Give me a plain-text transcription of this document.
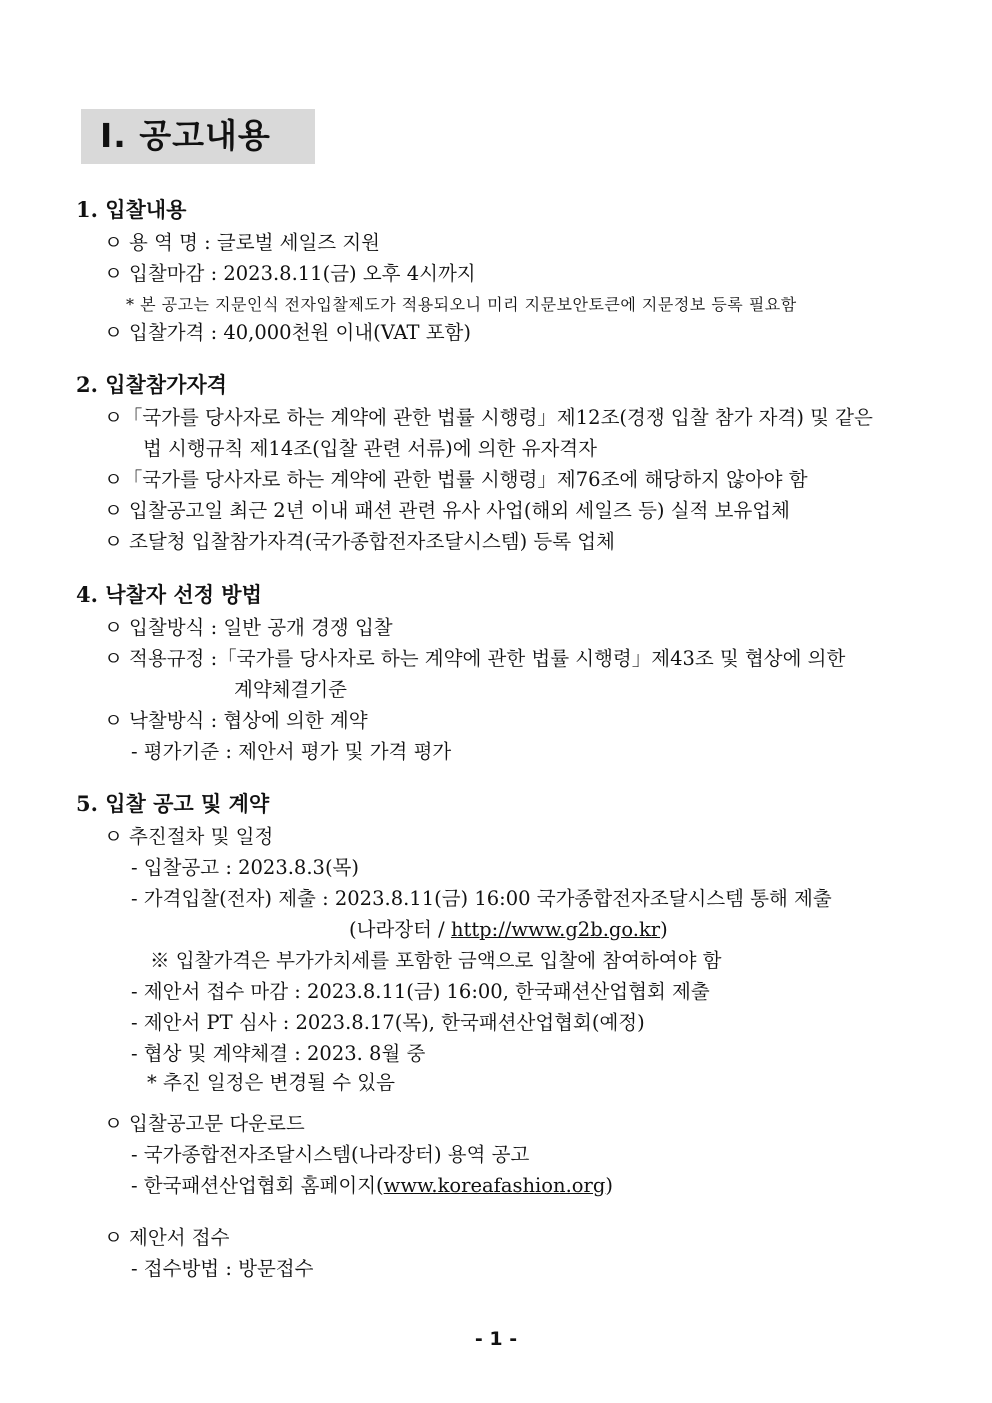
Ⅰ. 공고내용
1. 입찰내용
ㅇ 용 역 명 : 글로벌 세일즈 지원
ㅇ 입찰마감 : 2023.8.11(금) 오후 4시까지
* 본 공고는 지문인식 전자입찰제도가 적용되오니 미리 지문보안토큰에 지문정보 등록 필요함
ㅇ 입찰가격 : 40,000천원 이내(VAT 포함)
2. 입찰참가자격
ㅇ「국가를 당사자로 하는 계약에 관한 법률 시행령」제12조(경쟁 입찰 참가 자격) 및 같은
법 시행규칙 제14조(입찰 관련 서류)에 의한 유자격자
ㅇ「국가를 당사자로 하는 계약에 관한 법률 시행령」제76조에 해당하지 않아야 함
ㅇ 입찰공고일 최근 2년 이내 패션 관련 유사 사업(해외 세일즈 등) 실적 보유업체
ㅇ 조달청 입찰참가자격(국가종합전자조달시스템) 등록 업체
4. 낙찰자 선정 방법
ㅇ 입찰방식 : 일반 공개 경쟁 입찰
ㅇ 적용규정 :「국가를 당사자로 하는 계약에 관한 법률 시행령」제43조 및 협상에 의한
계약체결기준
ㅇ 낙찰방식 : 협상에 의한 계약
- 평가기준 : 제안서 평가 및 가격 평가
5. 입찰 공고 및 계약
ㅇ 추진절차 및 일정
- 입찰공고 : 2023.8.3(목)
- 가격입찰(전자) 제출 : 2023.8.11(금) 16:00 국가종합전자조달시스템 통해 제출
(나라장터 / http://www.g2b.go.kr)
※ 입찰가격은 부가가치세를 포함한 금액으로 입찰에 참여하여야 함
- 제안서 접수 마감 : 2023.8.11(금) 16:00, 한국패션산업협회 제출
- 제안서 PT 심사 : 2023.8.17(목), 한국패션산업협회(예정)
- 협상 및 계약체결 : 2023. 8월 중
* 추진 일정은 변경될 수 있음
ㅇ 입찰공고문 다운로드
- 국가종합전자조달시스템(나라장터) 용역 공고
- 한국패션산업협회 홈페이지(www.koreafashion.org)
ㅇ 제안서 접수
- 접수방법 : 방문접수
- 1 -
